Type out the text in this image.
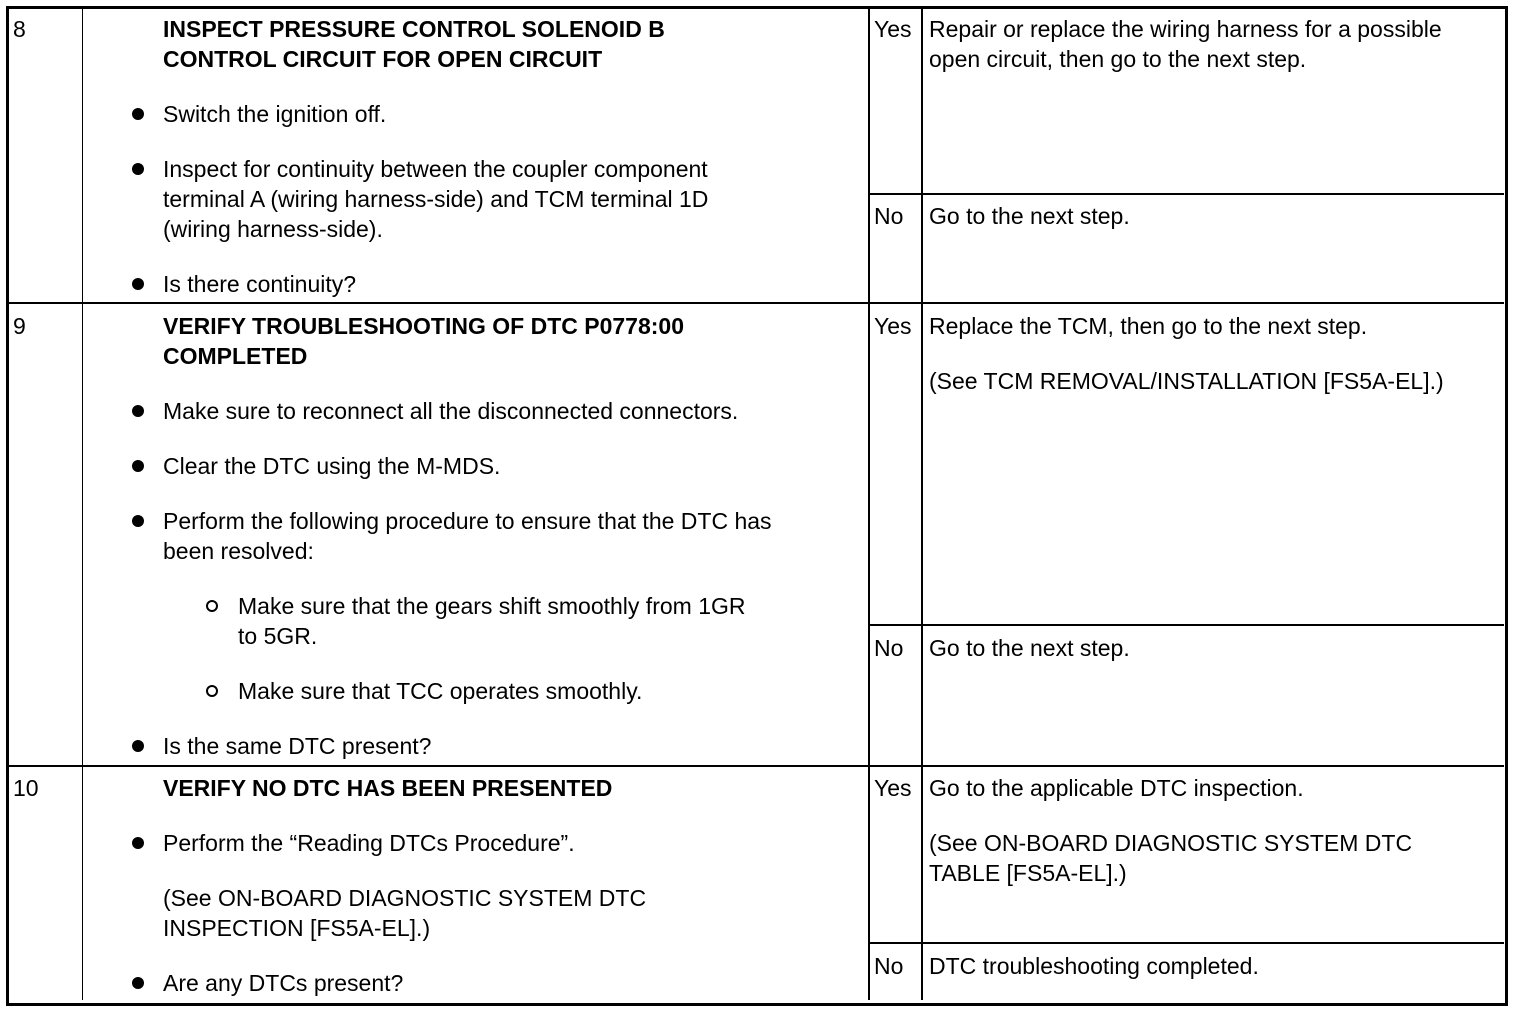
8	INSPECT PRESSURE CONTROL SOLENOID B
CONTROL CIRCUIT FOR OPEN CIRCUIT
Switch the ignition off.
Inspect for continuity between the coupler component
terminal A (wiring harness-side) and TCM terminal 1D
(wiring harness-side).
Is there continuity?
Yes Repair or replace the wiring harness for a possible
open circuit, then go to the next step.
No Go to the next step.
9	VERIFY TROUBLESHOOTING OF DTC P0778:00
COMPLETED
Make sure to reconnect all the disconnected connectors.
Clear the DTC using the M-MDS.
Perform the following procedure to ensure that the DTC has
been resolved:
Make sure that the gears shift smoothly from 1GR
to 5GR.
Make sure that TCC operates smoothly.
Is the same DTC present?
Yes Replace the TCM, then go to the next step.
(See TCM REMOVAL/INSTALLATION [FS5A-EL].)
No Go to the next step.
10	VERIFY NO DTC HAS BEEN PRESENTED
Perform the “Reading DTCs Procedure”.
(See ON-BOARD DIAGNOSTIC SYSTEM DTC
INSPECTION [FS5A-EL].)
Are any DTCs present?
Yes Go to the applicable DTC inspection.
(See ON-BOARD DIAGNOSTIC SYSTEM DTC
TABLE [FS5A-EL].)
No DTC troubleshooting completed.
